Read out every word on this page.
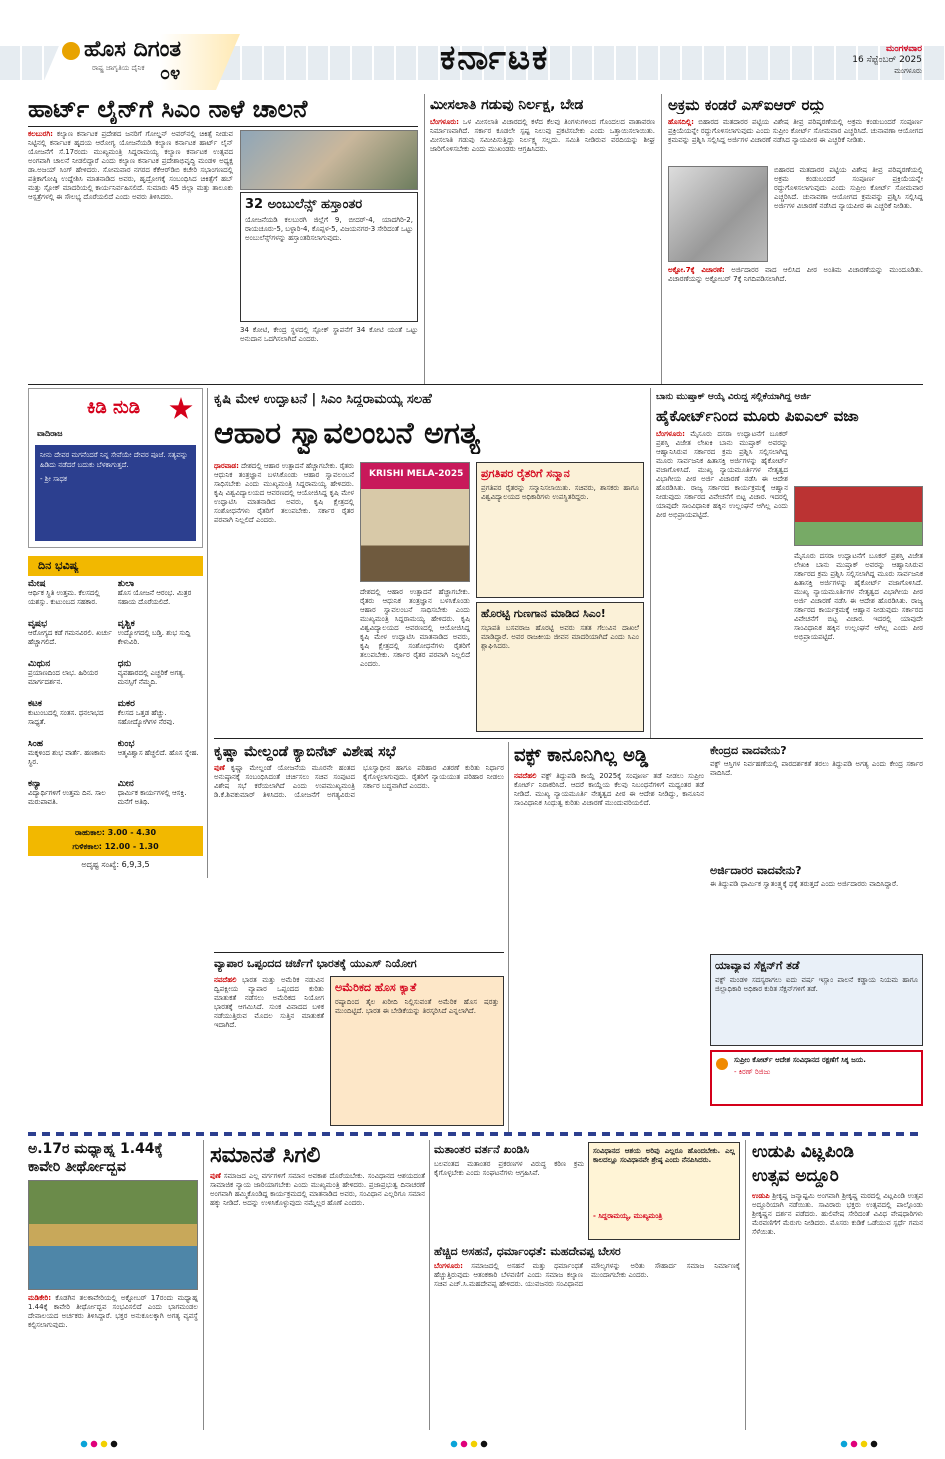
ಹೊಸ ದಿಗಂತ
ರಾಷ್ಟ್ರ ಜಾಗೃತಿಯ ದೈನಿಕ ೦೪	ಕರ್ನಾಟಕ	ಮಂಗಳವಾರ
16 ಸೆಪ್ಟೆಂಬರ್ 2025
ಮಂಗಳೂರು
ಹಾರ್ಟ್ ಲೈನ್‌ಗೆ ಸಿಎಂ ನಾಳೆ ಚಾಲನೆ
ಕಲಬುರಗಿ: ಕಲ್ಯಾಣ ಕರ್ನಾಟಕ ಪ್ರದೇಶದ ಜನರಿಗೆ ಗೋಲ್ಡನ್ ಅವರ್‌ನಲ್ಲಿ ಚಿಕಿತ್ಸೆ ನೀಡುವ ನಿಟ್ಟಿನಲ್ಲಿ ಕರ್ನಾಟಕ ಹೃದಯ ಆರೋಗ್ಯ ಯೋಜನೆಯಡಿ ಕಲ್ಯಾಣ ಕರ್ನಾಟಕ ಹಾರ್ಟ್ ಲೈನ್ ಯೋಜನೆಗೆ ಸೆ.17ರಂದು ಮುಖ್ಯಮಂತ್ರಿ ಸಿದ್ದರಾಮಯ್ಯ ಕಲ್ಯಾಣ ಕರ್ನಾಟಕ ಉತ್ಸವದ ಅಂಗವಾಗಿ ಚಾಲನೆ ನೀಡಲಿದ್ದಾರೆ ಎಂದು ಕಲ್ಯಾಣ ಕರ್ನಾಟಕ ಪ್ರದೇಶಾಭಿವೃದ್ಧಿ ಮಂಡಳಿ ಅಧ್ಯಕ್ಷ ಡಾ.ಅಜಯ್ ಸಿಂಗ್ ಹೇಳಿದರು. ಸೋಮವಾರ ನಗರದ ಕೆಕೆಆರ್‌ಡಿಬಿ ಕಚೇರಿ ಸಭಾಂಗಣದಲ್ಲಿ ಪತ್ರಿಕಾಗೋಷ್ಠಿ ಉದ್ದೇಶಿಸಿ ಮಾತನಾಡಿದ ಅವರು, ಹೃದ್ರೋಗಕ್ಕೆ ಸಂಬಂಧಿಸಿದ ಚಿಕಿತ್ಸೆಗೆ ಹಬ್ ಮತ್ತು ಸ್ಪೋಕ್ ಮಾದರಿಯಲ್ಲಿ ಕಾರ್ಯನಿರ್ವಹಿಸಲಿದೆ. ಸುಮಾರು 45 ಜಿಲ್ಲಾ ಮತ್ತು ತಾಲೂಕು ಆಸ್ಪತ್ರೆಗಳಲ್ಲಿ ಈ ಸೌಲಭ್ಯ ದೊರೆಯಲಿದೆ ಎಂದು ಅವರು ತಿಳಿಸಿದರು.	32 ಅಂಬುಲೆನ್ಸ್ ಹಸ್ತಾಂತರ
ಯೋಜನೆಯಡಿ ಕಲಬುರಗಿ ಜಿಲ್ಲೆಗೆ 9, ಬೀದರ್-4, ಯಾದಗಿರಿ-2, ರಾಯಚೂರು-5, ಬಳ್ಳಾರಿ-4, ಕೊಪ್ಪಳ-5, ವಿಜಯನಗರ-3 ಸೇರಿದಂತೆ ಒಟ್ಟು ಅಂಬುಲೆನ್ಸ್‌ಗಳನ್ನು ಹಸ್ತಾಂತರಿಸಲಾಗುವುದು.
34 ಕೋಟಿ, ಕೇಂದ್ರ ಸ್ಥಳದಲ್ಲಿ ಸ್ಪೋಕ್ ಸ್ಥಾಪನೆಗೆ 34 ಕೋಟಿ ಯಂತೆ ಒಟ್ಟು ಅನುದಾನ ಒದಗಿಸಲಾಗಿದೆ ಎಂದರು.
ಮೀಸಲಾತಿ ಗಡುವು ನಿರ್ಲಕ್ಷ, ಬೇಡ
ಬೆಂಗಳೂರು: ಒಳ ಮೀಸಲಾತಿ ವಿಚಾರದಲ್ಲಿ ಕಳೆದ ಕೆಲವು ತಿಂಗಳುಗಳಿಂದ ಗೊಂದಲದ ವಾತಾವರಣ ನಿರ್ಮಾಣವಾಗಿದೆ. ಸರ್ಕಾರ ಕೂಡಲೇ ಸ್ಪಷ್ಟ ನಿಲುವು ಪ್ರಕಟಿಸಬೇಕು ಎಂದು ಒತ್ತಾಯಿಸಲಾಯಿತು. ಮೀಸಲಾತಿ ಗಡುವು ಸಮೀಪಿಸುತ್ತಿದ್ದು ನಿರ್ಲಕ್ಷ್ಯ ಸಲ್ಲದು. ಸಮಿತಿ ನೀಡಿರುವ ವರದಿಯನ್ನು ಶೀಘ್ರ ಜಾರಿಗೊಳಿಸಬೇಕು ಎಂದು ಮುಖಂಡರು ಆಗ್ರಹಿಸಿದರು.
ಅಕ್ರಮ ಕಂಡರೆ ಎಸ್‌ಐಆರ್ ರದ್ದು
ಹೊಸದಿಲ್ಲಿ: ಬಿಹಾರದ ಮತದಾರರ ಪಟ್ಟಿಯ ವಿಶೇಷ ತೀವ್ರ ಪರಿಷ್ಕರಣೆಯಲ್ಲಿ ಅಕ್ರಮ ಕಂಡುಬಂದರೆ ಸಂಪೂರ್ಣ ಪ್ರಕ್ರಿಯೆಯನ್ನೇ ರದ್ದುಗೊಳಿಸಲಾಗುವುದು ಎಂದು ಸುಪ್ರೀಂ ಕೋರ್ಟ್ ಸೋಮವಾರ ಎಚ್ಚರಿಸಿದೆ. ಚುನಾವಣಾ ಆಯೋಗದ ಕ್ರಮವನ್ನು ಪ್ರಶ್ನಿಸಿ ಸಲ್ಲಿಸಿದ್ದ ಅರ್ಜಿಗಳ ವಿಚಾರಣೆ ನಡೆಸಿದ ನ್ಯಾಯಪೀಠ ಈ ಎಚ್ಚರಿಕೆ ನೀಡಿತು.
ಬಿಹಾರದ ಮತದಾರರ ಪಟ್ಟಿಯ ವಿಶೇಷ ತೀವ್ರ ಪರಿಷ್ಕರಣೆಯಲ್ಲಿ ಅಕ್ರಮ ಕಂಡುಬಂದರೆ ಸಂಪೂರ್ಣ ಪ್ರಕ್ರಿಯೆಯನ್ನೇ ರದ್ದುಗೊಳಿಸಲಾಗುವುದು ಎಂದು ಸುಪ್ರೀಂ ಕೋರ್ಟ್ ಸೋಮವಾರ ಎಚ್ಚರಿಸಿದೆ. ಚುನಾವಣಾ ಆಯೋಗದ ಕ್ರಮವನ್ನು ಪ್ರಶ್ನಿಸಿ ಸಲ್ಲಿಸಿದ್ದ ಅರ್ಜಿಗಳ ವಿಚಾರಣೆ ನಡೆಸಿದ ನ್ಯಾಯಪೀಠ ಈ ಎಚ್ಚರಿಕೆ ನೀಡಿತು.
ಅಕ್ಟೋ.7ಕ್ಕೆ ವಿಚಾರಣೆ: ಅರ್ಜಿದಾರರ ವಾದ ಆಲಿಸಿದ ಪೀಠ ಅಂತಿಮ ವಿಚಾರಣೆಯನ್ನು ಮುಂದೂಡಿತು. ವಿಚಾರಣೆಯನ್ನು ಅಕ್ಟೋಬರ್ 7ಕ್ಕೆ ನಿಗದಿಪಡಿಸಲಾಗಿದೆ.
ಕಿಡಿ ನುಡಿ
ವಾದಿರಾಜ
ನೀನು ದೇವರ ಮಗನೆಂದರೆ ನಿನ್ನ ಸೇವೆಯೇ ದೇವರ ಪೂಜೆ. ಸತ್ಯವನ್ನು ಹಿಡಿದು ನಡೆದರೆ ಬದುಕು ಬೆಳಕಾಗುತ್ತದೆ.
- ಶ್ರೀ ಸಾಧಕ
ದಿನ ಭವಿಷ್ಯ
ಮೇಷ
ಆರ್ಥಿಕ ಸ್ಥಿತಿ ಉತ್ತಮ. ಕೆಲಸದಲ್ಲಿ ಯಶಸ್ಸು. ಕುಟುಂಬದ ಸಹಕಾರ.
ತುಲಾ
ಹೊಸ ಯೋಜನೆ ಆರಂಭ. ಮಿತ್ರರ ಸಹಾಯ ದೊರೆಯಲಿದೆ.
ವೃಷಭ
ಆರೋಗ್ಯದ ಕಡೆ ಗಮನವಿರಲಿ. ಖರ್ಚು ಹೆಚ್ಚಾಗಲಿದೆ.
ವೃಶ್ಚಿಕ
ಉದ್ಯೋಗದಲ್ಲಿ ಬಡ್ತಿ. ಶುಭ ಸುದ್ದಿ ಕೇಳುವಿರಿ.
ಮಿಥುನ
ಪ್ರಯಾಣದಿಂದ ಲಾಭ. ಹಿರಿಯರ ಮಾರ್ಗದರ್ಶನ.
ಧನು
ವ್ಯವಹಾರದಲ್ಲಿ ಎಚ್ಚರಿಕೆ ಅಗತ್ಯ. ಮನಸ್ಸಿಗೆ ನೆಮ್ಮದಿ.
ಕಟಕ
ಕುಟುಂಬದಲ್ಲಿ ಸಂತಸ. ಧನಲಾಭದ ಸಾಧ್ಯತೆ.
ಮಕರ
ಕೆಲಸದ ಒತ್ತಡ ಹೆಚ್ಚು. ಸಹೋದ್ಯೋಗಿಗಳ ನೆರವು.
ಸಿಂಹ
ಮಕ್ಕಳಿಂದ ಶುಭ ವಾರ್ತೆ. ಹಣಕಾಸು ಸ್ಥಿರ.
ಕುಂಭ
ಆತ್ಮವಿಶ್ವಾಸ ಹೆಚ್ಚಲಿದೆ. ಹೊಸ ಸ್ನೇಹ.
ಕನ್ಯಾ
ವಿದ್ಯಾರ್ಥಿಗಳಿಗೆ ಉತ್ತಮ ದಿನ. ಸಾಲ ಮರುಪಾವತಿ.
ಮೀನ
ಧಾರ್ಮಿಕ ಕಾರ್ಯಗಳಲ್ಲಿ ಆಸಕ್ತಿ. ಮನೆಗೆ ಅತಿಥಿ.
ರಾಹುಕಾಲ: 3.00 - 4.30
ಗುಳಿಕಕಾಲ: 12.00 - 1.30
ಅದೃಷ್ಟ ಸಂಖ್ಯೆ: 6,9,3,5
ಕೃಷಿ ಮೇಳ ಉದ್ಘಾಟನೆ | ಸಿಎಂ ಸಿದ್ದರಾಮಯ್ಯ ಸಲಹೆ
ಆಹಾರ ಸ್ವಾವಲಂಬನೆ ಅಗತ್ಯ
ಧಾರವಾಡ: ದೇಶದಲ್ಲಿ ಆಹಾರ ಉತ್ಪಾದನೆ ಹೆಚ್ಚಾಗಬೇಕು. ರೈತರು ಆಧುನಿಕ ತಂತ್ರಜ್ಞಾನ ಬಳಸಿಕೊಂಡು ಆಹಾರ ಸ್ವಾವಲಂಬನೆ ಸಾಧಿಸಬೇಕು ಎಂದು ಮುಖ್ಯಮಂತ್ರಿ ಸಿದ್ದರಾಮಯ್ಯ ಹೇಳಿದರು. ಕೃಷಿ ವಿಶ್ವವಿದ್ಯಾಲಯದ ಆವರಣದಲ್ಲಿ ಆಯೋಜಿಸಿದ್ದ ಕೃಷಿ ಮೇಳ ಉದ್ಘಾಟಿಸಿ ಮಾತನಾಡಿದ ಅವರು, ಕೃಷಿ ಕ್ಷೇತ್ರದಲ್ಲಿ ಸಂಶೋಧನೆಗಳು ರೈತರಿಗೆ ತಲುಪಬೇಕು. ಸರ್ಕಾರ ರೈತರ ಪರವಾಗಿ ನಿಲ್ಲಲಿದೆ ಎಂದರು.
KRISHI MELA-2025 ಪ್ರಗತಿಪರ ರೈತರಿಗೆ ಸನ್ಮಾನ
ಪ್ರಗತಿಪರ ರೈತರನ್ನು ಸನ್ಮಾನಿಸಲಾಯಿತು. ಸಚಿವರು, ಶಾಸಕರು ಹಾಗೂ ವಿಶ್ವವಿದ್ಯಾಲಯದ ಅಧಿಕಾರಿಗಳು ಉಪಸ್ಥಿತರಿದ್ದರು.
ದೇಶದಲ್ಲಿ ಆಹಾರ ಉತ್ಪಾದನೆ ಹೆಚ್ಚಾಗಬೇಕು. ರೈತರು ಆಧುನಿಕ ತಂತ್ರಜ್ಞಾನ ಬಳಸಿಕೊಂಡು ಆಹಾರ ಸ್ವಾವಲಂಬನೆ ಸಾಧಿಸಬೇಕು ಎಂದು ಮುಖ್ಯಮಂತ್ರಿ ಸಿದ್ದರಾಮಯ್ಯ ಹೇಳಿದರು. ಕೃಷಿ ವಿಶ್ವವಿದ್ಯಾಲಯದ ಆವರಣದಲ್ಲಿ ಆಯೋಜಿಸಿದ್ದ ಕೃಷಿ ಮೇಳ ಉದ್ಘಾಟಿಸಿ ಮಾತನಾಡಿದ ಅವರು, ಕೃಷಿ ಕ್ಷೇತ್ರದಲ್ಲಿ ಸಂಶೋಧನೆಗಳು ರೈತರಿಗೆ ತಲುಪಬೇಕು. ಸರ್ಕಾರ ರೈತರ ಪರವಾಗಿ ನಿಲ್ಲಲಿದೆ ಎಂದರು.
ಹೊರಟ್ಟಿ ಗುಣಗಾನ ಮಾಡಿದ ಸಿಎಂ!
ಸಭಾಪತಿ ಬಸವರಾಜ ಹೊರಟ್ಟಿ ಅವರು ಸತತ ಗೆಲುವಿನ ದಾಖಲೆ ಮಾಡಿದ್ದಾರೆ. ಅವರ ರಾಜಕೀಯ ಜೀವನ ಮಾದರಿಯಾಗಿದೆ ಎಂದು ಸಿಎಂ ಶ್ಲಾಘಿಸಿದರು.
ಬಾನು ಮುಷ್ತಾಕ್ ಆಯ್ಕೆ ವಿರುದ್ಧ ಸಲ್ಲಿಕೆಯಾಗಿದ್ದ ಅರ್ಜಿ
ಹೈಕೋರ್ಟ್‌ನಿಂದ ಮೂರು ಪಿಐಎಲ್ ವಜಾ
ಬೆಂಗಳೂರು: ಮೈಸೂರು ದಸರಾ ಉದ್ಘಾಟನೆಗೆ ಬೂಕರ್ ಪ್ರಶಸ್ತಿ ವಿಜೇತ ಲೇಖಕಿ ಬಾನು ಮುಷ್ತಾಕ್ ಅವರನ್ನು ಆಹ್ವಾನಿಸಿರುವ ಸರ್ಕಾರದ ಕ್ರಮ ಪ್ರಶ್ನಿಸಿ ಸಲ್ಲಿಸಲಾಗಿದ್ದ ಮೂರು ಸಾರ್ವಜನಿಕ ಹಿತಾಸಕ್ತಿ ಅರ್ಜಿಗಳನ್ನು ಹೈಕೋರ್ಟ್ ವಜಾಗೊಳಿಸಿದೆ. ಮುಖ್ಯ ನ್ಯಾಯಮೂರ್ತಿಗಳ ನೇತೃತ್ವದ ವಿಭಾಗೀಯ ಪೀಠ ಅರ್ಜಿ ವಿಚಾರಣೆ ನಡೆಸಿ ಈ ಆದೇಶ ಹೊರಡಿಸಿತು. ರಾಜ್ಯ ಸರ್ಕಾರದ ಕಾರ್ಯಕ್ರಮಕ್ಕೆ ಆಹ್ವಾನ ನೀಡುವುದು ಸರ್ಕಾರದ ವಿವೇಚನೆಗೆ ಬಿಟ್ಟ ವಿಚಾರ. ಇದರಲ್ಲಿ ಯಾವುದೇ ಸಾಂವಿಧಾನಿಕ ಹಕ್ಕಿನ ಉಲ್ಲಂಘನೆ ಆಗಿಲ್ಲ ಎಂದು ಪೀಠ ಅಭಿಪ್ರಾಯಪಟ್ಟಿದೆ.
ಮೈಸೂರು ದಸರಾ ಉದ್ಘಾಟನೆಗೆ ಬೂಕರ್ ಪ್ರಶಸ್ತಿ ವಿಜೇತ ಲೇಖಕಿ ಬಾನು ಮುಷ್ತಾಕ್ ಅವರನ್ನು ಆಹ್ವಾನಿಸಿರುವ ಸರ್ಕಾರದ ಕ್ರಮ ಪ್ರಶ್ನಿಸಿ ಸಲ್ಲಿಸಲಾಗಿದ್ದ ಮೂರು ಸಾರ್ವಜನಿಕ ಹಿತಾಸಕ್ತಿ ಅರ್ಜಿಗಳನ್ನು ಹೈಕೋರ್ಟ್ ವಜಾಗೊಳಿಸಿದೆ. ಮುಖ್ಯ ನ್ಯಾಯಮೂರ್ತಿಗಳ ನೇತೃತ್ವದ ವಿಭಾಗೀಯ ಪೀಠ ಅರ್ಜಿ ವಿಚಾರಣೆ ನಡೆಸಿ ಈ ಆದೇಶ ಹೊರಡಿಸಿತು. ರಾಜ್ಯ ಸರ್ಕಾರದ ಕಾರ್ಯಕ್ರಮಕ್ಕೆ ಆಹ್ವಾನ ನೀಡುವುದು ಸರ್ಕಾರದ ವಿವೇಚನೆಗೆ ಬಿಟ್ಟ ವಿಚಾರ. ಇದರಲ್ಲಿ ಯಾವುದೇ ಸಾಂವಿಧಾನಿಕ ಹಕ್ಕಿನ ಉಲ್ಲಂಘನೆ ಆಗಿಲ್ಲ ಎಂದು ಪೀಠ ಅಭಿಪ್ರಾಯಪಟ್ಟಿದೆ.
ಕೃಷ್ಣಾ ಮೇಲ್ದಂಡೆ ಕ್ಯಾಬಿನೆಟ್ ವಿಶೇಷ ಸಭೆ
ಪುಣೆ ಕೃಷ್ಣಾ ಮೇಲ್ದಂಡೆ ಯೋಜನೆಯ ಮೂರನೇ ಹಂತದ ಅನುಷ್ಠಾನಕ್ಕೆ ಸಂಬಂಧಿಸಿದಂತೆ ಚರ್ಚಿಸಲು ಸಚಿವ ಸಂಪುಟದ ವಿಶೇಷ ಸಭೆ ಕರೆಯಲಾಗಿದೆ ಎಂದು ಉಪಮುಖ್ಯಮಂತ್ರಿ ಡಿ.ಕೆ.ಶಿವಕುಮಾರ್ ತಿಳಿಸಿದರು. ಯೋಜನೆಗೆ ಅಗತ್ಯವಿರುವ ಭೂಸ್ವಾಧೀನ ಹಾಗೂ ಪರಿಹಾರ ವಿತರಣೆ ಕುರಿತು ನಿರ್ಧಾರ ಕೈಗೊಳ್ಳಲಾಗುವುದು. ರೈತರಿಗೆ ನ್ಯಾಯಯುತ ಪರಿಹಾರ ನೀಡಲು ಸರ್ಕಾರ ಬದ್ಧವಾಗಿದೆ ಎಂದರು.
ವ್ಯಾಪಾರ ಒಪ್ಪಂದದ ಚರ್ಚೆಗೆ ಭಾರತಕ್ಕೆ ಯುಎಸ್ ನಿಯೋಗ
ನವದೆಹಲಿ ಭಾರತ ಮತ್ತು ಅಮೆರಿಕ ನಡುವಿನ ದ್ವಿಪಕ್ಷೀಯ ವ್ಯಾಪಾರ ಒಪ್ಪಂದದ ಕುರಿತು ಮಾತುಕತೆ ನಡೆಸಲು ಅಮೆರಿಕದ ನಿಯೋಗ ಭಾರತಕ್ಕೆ ಆಗಮಿಸಿದೆ. ಸುಂಕ ವಿವಾದದ ಬಳಿಕ ನಡೆಯುತ್ತಿರುವ ಮೊದಲ ಸುತ್ತಿನ ಮಾತುಕತೆ ಇದಾಗಿದೆ.
ಅಮೆರಿಕದ ಹೊಸ ಕ್ಯಾತೆ
ರಷ್ಯಾದಿಂದ ತೈಲ ಖರೀದಿ ನಿಲ್ಲಿಸುವಂತೆ ಅಮೆರಿಕ ಹೊಸ ಷರತ್ತು ಮುಂದಿಟ್ಟಿದೆ. ಭಾರತ ಈ ಬೇಡಿಕೆಯನ್ನು ತಿರಸ್ಕರಿಸಿದೆ ಎನ್ನಲಾಗಿದೆ.
ವಕ್ಫ್ ಕಾನೂನಿಗಿಲ್ಲ ಅಡ್ಡಿ
ನವದೆಹಲಿ ವಕ್ಫ್ ತಿದ್ದುಪಡಿ ಕಾಯ್ದೆ 2025ಕ್ಕೆ ಸಂಪೂರ್ಣ ತಡೆ ನೀಡಲು ಸುಪ್ರೀಂ ಕೋರ್ಟ್ ನಿರಾಕರಿಸಿದೆ. ಆದರೆ ಕಾಯ್ದೆಯ ಕೆಲವು ನಿಬಂಧನೆಗಳಿಗೆ ಮಧ್ಯಂತರ ತಡೆ ನೀಡಿದೆ. ಮುಖ್ಯ ನ್ಯಾಯಮೂರ್ತಿ ನೇತೃತ್ವದ ಪೀಠ ಈ ಆದೇಶ ನೀಡಿದ್ದು, ಕಾನೂನಿನ ಸಾಂವಿಧಾನಿಕ ಸಿಂಧುತ್ವ ಕುರಿತು ವಿಚಾರಣೆ ಮುಂದುವರಿಯಲಿದೆ.
ಕೇಂದ್ರದ ವಾದವೇನು?
ವಕ್ಫ್ ಆಸ್ತಿಗಳ ನಿರ್ವಹಣೆಯಲ್ಲಿ ಪಾರದರ್ಶಕತೆ ತರಲು ತಿದ್ದುಪಡಿ ಅಗತ್ಯ ಎಂದು ಕೇಂದ್ರ ಸರ್ಕಾರ ವಾದಿಸಿದೆ.
ಅರ್ಜಿದಾರರ ವಾದವೇನು?
ಈ ತಿದ್ದುಪಡಿ ಧಾರ್ಮಿಕ ಸ್ವಾತಂತ್ರ್ಯಕ್ಕೆ ಧಕ್ಕೆ ತರುತ್ತದೆ ಎಂದು ಅರ್ಜಿದಾರರು ವಾದಿಸಿದ್ದಾರೆ.
ಯಾವ್ಯಾವ ಸೆಕ್ಷನ್‌ಗೆ ತಡೆ
ವಕ್ಫ್ ಮಂಡಳಿ ಸದಸ್ಯರಾಗಲು ಐದು ವರ್ಷ ಇಸ್ಲಾಂ ಪಾಲನೆ ಕಡ್ಡಾಯ ನಿಯಮ ಹಾಗೂ ಜಿಲ್ಲಾಧಿಕಾರಿ ಅಧಿಕಾರ ಕುರಿತ ಸೆಕ್ಷನ್‌ಗಳಿಗೆ ತಡೆ.
ಸುಪ್ರೀಂ ಕೋರ್ಟ್ ಆದೇಶ ಸಂವಿಧಾನದ ರಕ್ಷಣೆಗೆ ಸಿಕ್ಕ ಜಯ.
- ಕಿರಣ್ ರಿಜಿಜು
ಅ.17ರ ಮಧ್ಯಾಹ್ನ 1.44ಕ್ಕೆ
ಕಾವೇರಿ ತೀರ್ಥೋದ್ಭವ
ಮಡಿಕೇರಿ: ಕೊಡಗಿನ ತಲಕಾವೇರಿಯಲ್ಲಿ ಅಕ್ಟೋಬರ್ 17ರಂದು ಮಧ್ಯಾಹ್ನ 1.44ಕ್ಕೆ ಕಾವೇರಿ ತೀರ್ಥೋದ್ಭವ ಸಂಭವಿಸಲಿದೆ ಎಂದು ಭಾಗಮಂಡಲ ದೇವಾಲಯದ ಅರ್ಚಕರು ತಿಳಿಸಿದ್ದಾರೆ. ಭಕ್ತರ ಅನುಕೂಲಕ್ಕಾಗಿ ಅಗತ್ಯ ವ್ಯವಸ್ಥೆ ಕಲ್ಪಿಸಲಾಗುವುದು.
ಸಮಾನತೆ ಸಿಗಲಿ
ಪುಣೆ ಸಮಾಜದ ಎಲ್ಲ ವರ್ಗಗಳಿಗೆ ಸಮಾನ ಅವಕಾಶ ದೊರೆಯಬೇಕು. ಸಂವಿಧಾನದ ಆಶಯದಂತೆ ಸಾಮಾಜಿಕ ನ್ಯಾಯ ಜಾರಿಯಾಗಬೇಕು ಎಂದು ಮುಖ್ಯಮಂತ್ರಿ ಹೇಳಿದರು. ಪ್ರಜಾಪ್ರಭುತ್ವ ದಿನಾಚರಣೆ ಅಂಗವಾಗಿ ಹಮ್ಮಿಕೊಂಡಿದ್ದ ಕಾರ್ಯಕ್ರಮದಲ್ಲಿ ಮಾತನಾಡಿದ ಅವರು, ಸಂವಿಧಾನ ಎಲ್ಲರಿಗೂ ಸಮಾನ ಹಕ್ಕು ನೀಡಿದೆ. ಅದನ್ನು ಉಳಿಸಿಕೊಳ್ಳುವುದು ನಮ್ಮೆಲ್ಲರ ಹೊಣೆ ಎಂದರು.
ಮತಾಂತರ ವರ್ತನೆ ಖಂಡಿಸಿ
ಬಲವಂತದ ಮತಾಂತರ ಪ್ರಕರಣಗಳ ವಿರುದ್ಧ ಕಠಿಣ ಕ್ರಮ ಕೈಗೊಳ್ಳಬೇಕು ಎಂದು ಸಂಘಟನೆಗಳು ಆಗ್ರಹಿಸಿವೆ.
ಸಂವಿಧಾನದ ಆಶಯ ಅರಿವು ಎಲ್ಲರೂ ಹೊಂದಬೇಕು. ಎಲ್ಲ ಕಾಲದಲ್ಲೂ ಸಂವಿಧಾನವೇ ಶ್ರೇಷ್ಠ ಎಂದು ನೆನಪಿಸಿದರು.
- ಸಿದ್ದರಾಮಯ್ಯ, ಮುಖ್ಯಮಂತ್ರಿ
ಹೆಚ್ಚಿದ ಅಸಹನೆ, ಧರ್ಮಾಂಧತೆ: ಮಹದೇವಪ್ಪ ಬೇಸರ
ಬೆಂಗಳೂರು: ಸಮಾಜದಲ್ಲಿ ಅಸಹನೆ ಮತ್ತು ಧರ್ಮಾಂಧತೆ ಹೆಚ್ಚುತ್ತಿರುವುದು ಆತಂಕಕಾರಿ ಬೆಳವಣಿಗೆ ಎಂದು ಸಮಾಜ ಕಲ್ಯಾಣ ಸಚಿವ ಎಚ್.ಸಿ.ಮಹದೇವಪ್ಪ ಹೇಳಿದರು. ಯುವಜನರು ಸಂವಿಧಾನದ ಮೌಲ್ಯಗಳನ್ನು ಅರಿತು ಸೌಹಾರ್ದ ಸಮಾಜ ನಿರ್ಮಾಣಕ್ಕೆ ಮುಂದಾಗಬೇಕು ಎಂದರು.
ಉಡುಪಿ ವಿಟ್ಲಪಿಂಡಿ
ಉತ್ಸವ ಅದ್ದೂರಿ
ಉಡುಪಿ ಶ್ರೀಕೃಷ್ಣ ಜನ್ಮಾಷ್ಟಮಿ ಅಂಗವಾಗಿ ಶ್ರೀಕೃಷ್ಣ ಮಠದಲ್ಲಿ ವಿಟ್ಲಪಿಂಡಿ ಉತ್ಸವ ಅದ್ದೂರಿಯಾಗಿ ನಡೆಯಿತು. ಸಾವಿರಾರು ಭಕ್ತರು ಉತ್ಸವದಲ್ಲಿ ಪಾಲ್ಗೊಂಡು ಶ್ರೀಕೃಷ್ಣನ ದರ್ಶನ ಪಡೆದರು. ಹುಲಿವೇಷ ಸೇರಿದಂತೆ ವಿವಿಧ ವೇಷಧಾರಿಗಳು ಮೆರವಣಿಗೆಗೆ ಮೆರುಗು ನೀಡಿದರು. ಮೊಸರು ಕುಡಿಕೆ ಒಡೆಯುವ ಸ್ಪರ್ಧೆ ಗಮನ ಸೆಳೆಯಿತು.
